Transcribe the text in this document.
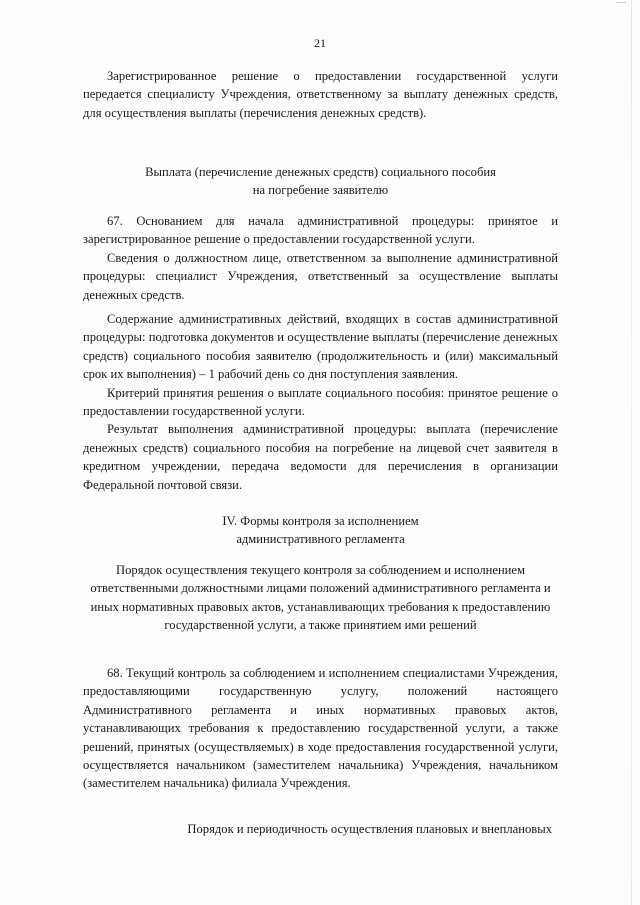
21

Зарегистрированное решение о предоставлении государственной услуги передается специалисту Учреждения, ответственному за выплату денежных средств, для осуществления выплаты (перечисления денежных средств).

Выплата (перечисление денежных средств) социального пособия на погребение заявителю

67. Основанием для начала административной процедуры: принятое и зарегистрированное решение о предоставлении государственной услуги.

Сведения о должностном лице, ответственном за выполнение административной процедуры: специалист Учреждения, ответственный за осуществление выплаты денежных средств.

Содержание административных действий, входящих в состав административной процедуры: подготовка документов и осуществление выплаты (перечисление денежных средств) социального пособия заявителю (продолжительность и (или) максимальный срок их выполнения) – 1 рабочий день со дня поступления заявления.

Критерий принятия решения о выплате социального пособия: принятое решение о предоставлении государственной услуги.

Результат выполнения административной процедуры: выплата (перечисление денежных средств) социального пособия на погребение на лицевой счет заявителя в кредитном учреждении, передача ведомости для перечисления в организации Федеральной почтовой связи.

IV. Формы контроля за исполнением административного регламента

Порядок осуществления текущего контроля за соблюдением и исполнением ответственными должностными лицами положений административного регламента и иных нормативных правовых актов, устанавливающих требования к предоставлению государственной услуги, а также принятием ими решений

68. Текущий контроль за соблюдением и исполнением специалистами Учреждения, предоставляющими государственную услугу, положений настоящего Административного регламента и иных нормативных правовых актов, устанавливающих требования к предоставлению государственной услуги, а также решений, принятых (осуществляемых) в ходе предоставления государственной услуги, осуществляется начальником (заместителем начальника) Учреждения, начальником (заместителем начальника) филиала Учреждения.

Порядок и периодичность осуществления плановых и внеплановых
